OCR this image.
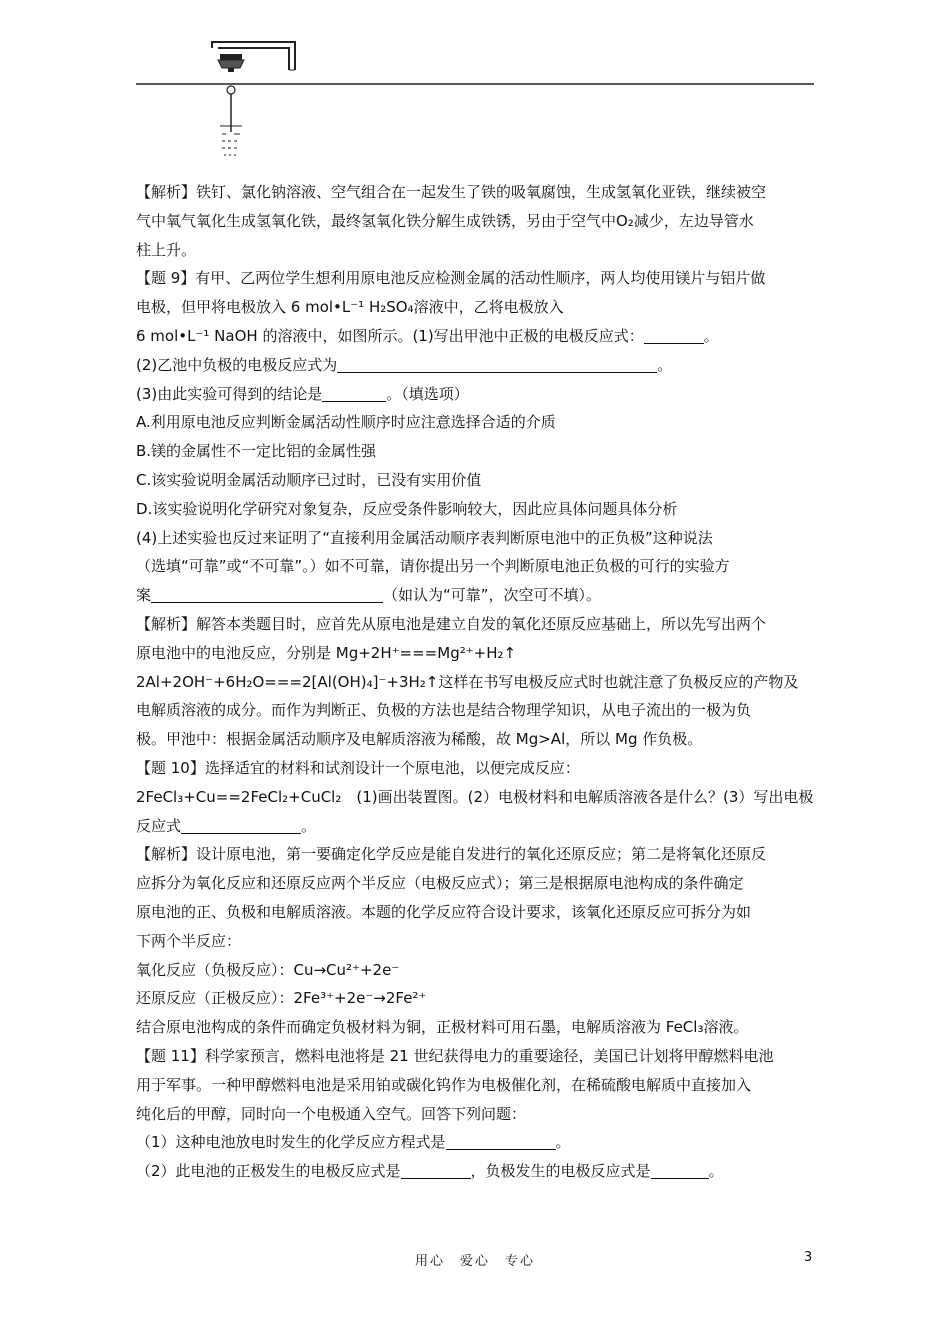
【解析】铁钉、氯化钠溶液、空气组合在一起发生了铁的吸氧腐蚀，生成氢氧化亚铁，继续被空
气中氧气氧化生成氢氧化铁，最终氢氧化铁分解生成铁锈，另由于空气中O₂减少，左边导管水
柱上升。
【题 9】有甲、乙两位学生想利用原电池反应检测金属的活动性顺序，两人均使用镁片与铝片做
电极，但甲将电极放入 6 mol•L⁻¹ H₂SO₄溶液中，乙将电极放入
6 mol•L⁻¹ NaOH 的溶液中，如图所示。(1)写出甲池中正极的电极反应式：	。
(2)乙池中负极的电极反应式为	。
(3)由此实验可得到的结论是	。（填选项）
A.利用原电池反应判断金属活动性顺序时应注意选择合适的介质
B.镁的金属性不一定比铝的金属性强
C.该实验说明金属活动顺序已过时，已没有实用价值
D.该实验说明化学研究对象复杂，反应受条件影响较大，因此应具体问题具体分析
(4)上述实验也反过来证明了“直接利用金属活动顺序表判断原电池中的正负极”这种说法
（选填“可靠”或“不可靠”。）如不可靠，请你提出另一个判断原电池正负极的可行的实验方
案	（如认为“可靠”，次空可不填）。
【解析】解答本类题目时，应首先从原电池是建立自发的氧化还原反应基础上，所以先写出两个
原电池中的电池反应，分别是 Mg+2H⁺===Mg²⁺+H₂↑
2Al+2OH⁻+6H₂O===2[Al(OH)₄]⁻+3H₂↑这样在书写电极反应式时也就注意了负极反应的产物及
电解质溶液的成分。而作为判断正、负极的方法也是结合物理学知识，从电子流出的一极为负
极。甲池中：根据金属活动顺序及电解质溶液为稀酸，故 Mg>Al，所以 Mg 作负极。
【题 10】选择适宜的材料和试剂设计一个原电池，以便完成反应：
2FeCl₃+Cu==2FeCl₂+CuCl₂　(1)画出装置图。(2）电极材料和电解质溶液各是什么？(3）写出电极
反应式	。
【解析】设计原电池，第一要确定化学反应是能自发进行的氧化还原反应；第二是将氧化还原反
应拆分为氧化反应和还原反应两个半反应（电极反应式）；第三是根据原电池构成的条件确定
原电池的正、负极和电解质溶液。本题的化学反应符合设计要求，该氧化还原反应可拆分为如
下两个半反应：
氧化反应（负极反应）：Cu→Cu²⁺+2e⁻
还原反应（正极反应）：2Fe³⁺+2e⁻→2Fe²⁺
结合原电池构成的条件而确定负极材料为铜，正极材料可用石墨，电解质溶液为 FeCl₃溶液。
【题 11】科学家预言，燃料电池将是 21 世纪获得电力的重要途径，美国已计划将甲醇燃料电池
用于军事。一种甲醇燃料电池是采用铂或碳化钨作为电极催化剂，在稀硫酸电解质中直接加入
纯化后的甲醇，同时向一个电极通入空气。回答下列问题：
（1）这种电池放电时发生的化学反应方程式是	。
（2）此电池的正极发生的电极反应式是	，负极发生的电极反应式是	。
用心　爱心　专心	3
